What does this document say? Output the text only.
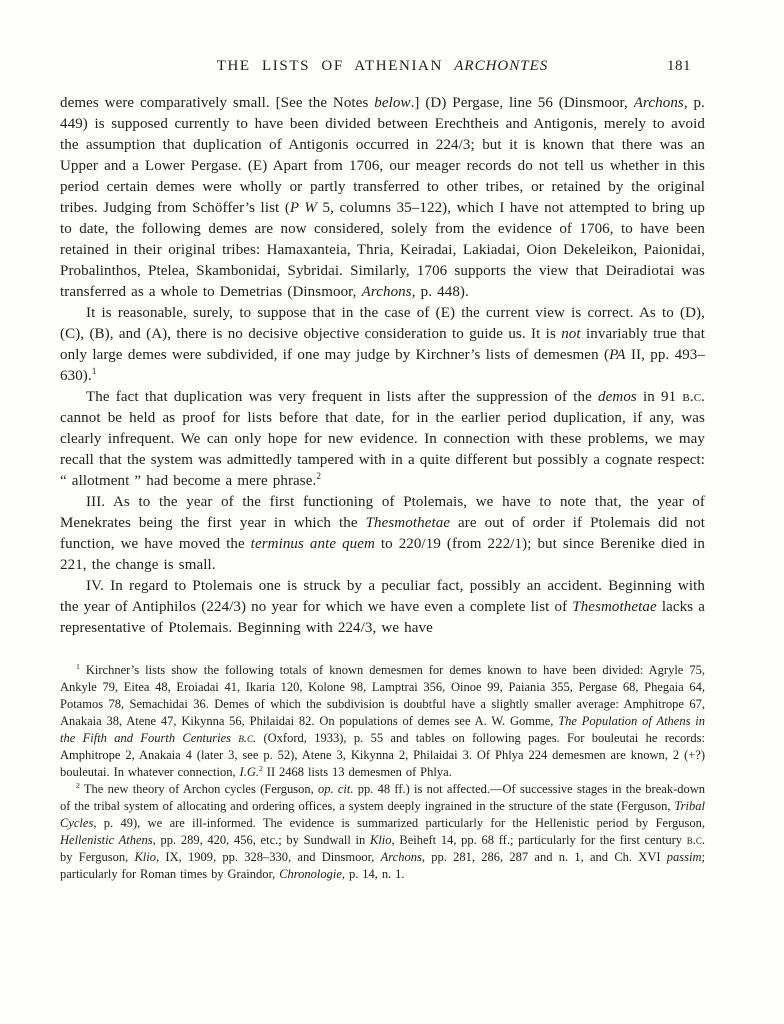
THE LISTS OF ATHENIAN ARCHONTES	181

demes were comparatively small. [See the Notes below.] (D) Pergase, line 56 (Dinsmoor, Archons, p. 449) is supposed currently to have been divided between Erechtheis and Antigonis, merely to avoid the assumption that duplication of Antigonis occurred in 224/3; but it is known that there was an Upper and a Lower Pergase. (E) Apart from 1706, our meager records do not tell us whether in this period certain demes were wholly or partly transferred to other tribes, or retained by the original tribes. Judging from Schöffer’s list (P W 5, columns 35–122), which I have not attempted to bring up to date, the following demes are now considered, solely from the evidence of 1706, to have been retained in their original tribes: Hamaxanteia, Thria, Keiradai, Lakiadai, Oion Dekeleikon, Paionidai, Probalinthos, Ptelea, Skambonidai, Sybridai. Similarly, 1706 supports the view that Deiradiotai was transferred as a whole to Demetrias (Dinsmoor, Archons, p. 448).

It is reasonable, surely, to suppose that in the case of (E) the current view is correct. As to (D), (C), (B), and (A), there is no decisive objective consideration to guide us. It is not invariably true that only large demes were subdivided, if one may judge by Kirchner’s lists of demesmen (PA II, pp. 493–630).$^1$

The fact that duplication was very frequent in lists after the suppression of the demos in 91 b.c. cannot be held as proof for lists before that date, for in the earlier period duplication, if any, was clearly infrequent. We can only hope for new evidence. In connection with these problems, we may recall that the system was admittedly tampered with in a quite different but possibly a cognate respect: “ allotment ” had become a mere phrase.$^2$

III. As to the year of the first functioning of Ptolemais, we have to note that, the year of Menekrates being the first year in which the Thesmothetae are out of order if Ptolemais did not function, we have moved the terminus ante quem to 220/19 (from 222/1); but since Berenike died in 221, the change is small.

IV. In regard to Ptolemais one is struck by a peculiar fact, possibly an accident. Beginning with the year of Antiphilos (224/3) no year for which we have even a complete list of Thesmothetae lacks a representative of Ptolemais. Beginning with 224/3, we have

$^1$ Kirchner’s lists show the following totals of known demesmen for demes known to have been divided: Agryle 75, Ankyle 79, Eitea 48, Eroiadai 41, Ikaria 120, Kolone 98, Lamptrai 356, Oinoe 99, Paiania 355, Pergase 68, Phegaia 64, Potamos 78, Semachidai 36. Demes of which the subdivision is doubtful have a slightly smaller average: Amphitrope 67, Anakaia 38, Atene 47, Kikynna 56, Philaidai 82. On populations of demes see A. W. Gomme, The Population of Athens in the Fifth and Fourth Centuries b.c. (Oxford, 1933), p. 55 and tables on following pages. For bouleutai he records: Amphitrope 2, Anakaia 4 (later 3, see p. 52), Atene 3, Kikynna 2, Philaidai 3. Of Phlya 224 demesmen are known, 2 (+?) bouleutai. In whatever connection, I.G.$^2$ II 2468 lists 13 demesmen of Phlya.

$^2$ The new theory of Archon cycles (Ferguson, op. cit. pp. 48 ff.) is not affected.—Of successive stages in the break-down of the tribal system of allocating and ordering offices, a system deeply ingrained in the structure of the state (Ferguson, Tribal Cycles, p. 49), we are ill-informed. The evidence is summarized particularly for the Hellenistic period by Ferguson, Hellenistic Athens, pp. 289, 420, 456, etc.; by Sundwall in Klio, Beiheft 14, pp. 68 ff.; particularly for the first century b.c. by Ferguson, Klio, IX, 1909, pp. 328–330, and Dinsmoor, Archons, pp. 281, 286, 287 and n. 1, and Ch. XVI passim; particularly for Roman times by Graindor, Chronologie, p. 14, n. 1.
